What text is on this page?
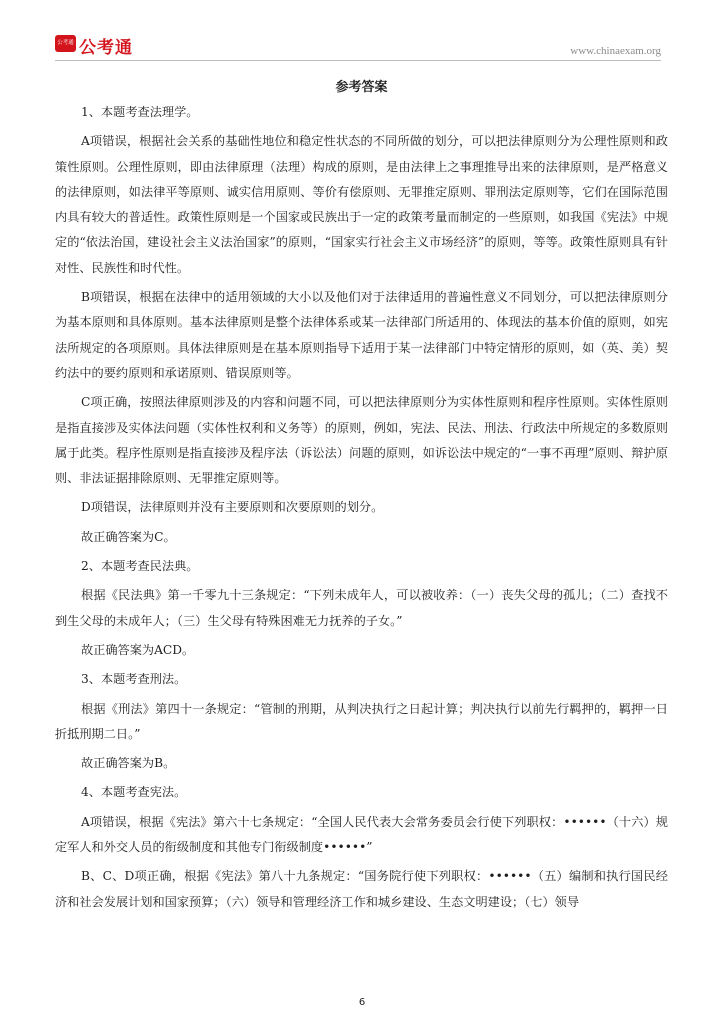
公考通 公考通	www.chinaexam.org
参考答案

1、本题考查法理学。

A项错误，根据社会关系的基础性地位和稳定性状态的不同所做的划分，可以把法律原则分为公理性原则和政策性原则。公理性原则，即由法律原理（法理）构成的原则，是由法律上之事理推导出来的法律原则，是严格意义的法律原则，如法律平等原则、诚实信用原则、等价有偿原则、无罪推定原则、罪刑法定原则等，它们在国际范围内具有较大的普适性。政策性原则是一个国家或民族出于一定的政策考量而制定的一些原则，如我国《宪法》中规定的“依法治国，建设社会主义法治国家”的原则，“国家实行社会主义市场经济”的原则，等等。政策性原则具有针对性、民族性和时代性。

B项错误，根据在法律中的适用领域的大小以及他们对于法律适用的普遍性意义不同划分，可以把法律原则分为基本原则和具体原则。基本法律原则是整个法律体系或某一法律部门所适用的、体现法的基本价值的原则，如宪法所规定的各项原则。具体法律原则是在基本原则指导下适用于某一法律部门中特定情形的原则，如（英、美）契约法中的要约原则和承诺原则、错误原则等。

C项正确，按照法律原则涉及的内容和问题不同，可以把法律原则分为实体性原则和程序性原则。实体性原则是指直接涉及实体法问题（实体性权利和义务等）的原则，例如，宪法、民法、刑法、行政法中所规定的多数原则属于此类。程序性原则是指直接涉及程序法（诉讼法）问题的原则，如诉讼法中规定的“一事不再理”原则、辩护原则、非法证据排除原则、无罪推定原则等。

D项错误，法律原则并没有主要原则和次要原则的划分。

故正确答案为C。

2、本题考查民法典。

根据《民法典》第一千零九十三条规定：“下列未成年人，可以被收养：（一）丧失父母的孤儿；（二）查找不到生父母的未成年人；（三）生父母有特殊困难无力抚养的子女。”

故正确答案为ACD。

3、本题考查刑法。

根据《刑法》第四十一条规定：“管制的刑期，从判决执行之日起计算；判决执行以前先行羁押的，羁押一日折抵刑期二日。”

故正确答案为B。

4、本题考查宪法。

A项错误，根据《宪法》第六十七条规定：“全国人民代表大会常务委员会行使下列职权：••••••（十六）规定军人和外交人员的衔级制度和其他专门衔级制度••••••”

B、C、D项正确，根据《宪法》第八十九条规定：“国务院行使下列职权：••••••（五）编制和执行国民经济和社会发展计划和国家预算；（六）领导和管理经济工作和城乡建设、生态文明建设；（七）领导

6
